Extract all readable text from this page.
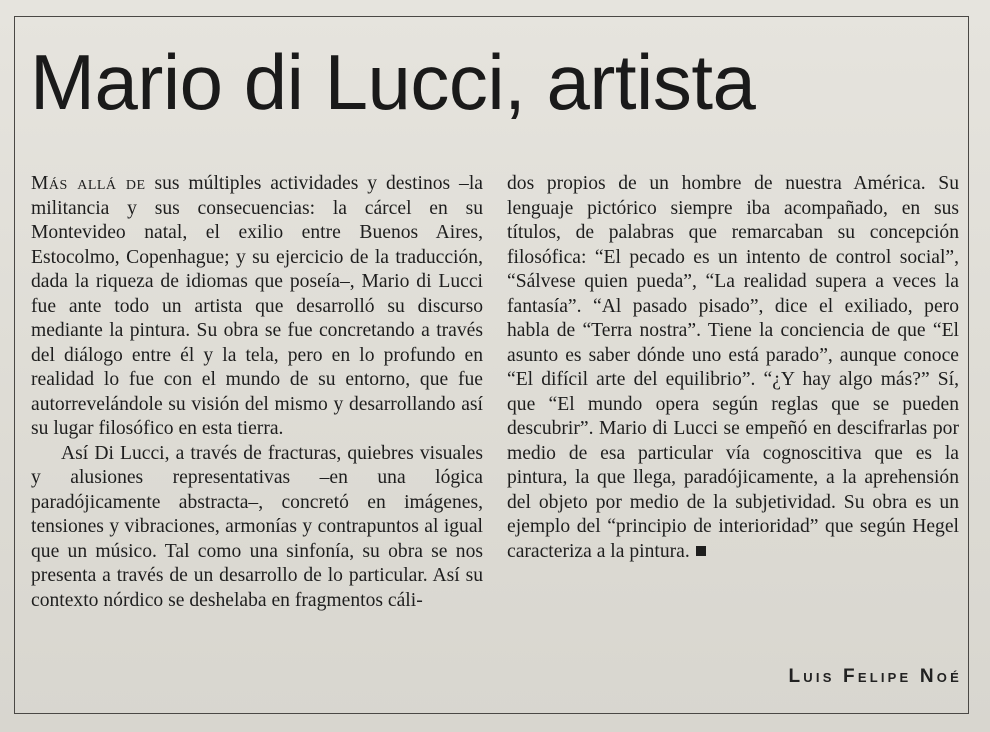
Mario di Lucci, artista

Más allá de sus múltiples actividades y destinos –la militancia y sus consecuencias: la cárcel en su Montevideo natal, el exilio entre Buenos Aires, Estocolmo, Copenhague; y su ejercicio de la traducción, dada la riqueza de idiomas que poseía–, Mario di Lucci fue ante todo un artista que desarrolló su discurso mediante la pintura. Su obra se fue concretando a través del diálogo entre él y la tela, pero en lo profundo en realidad lo fue con el mundo de su entorno, que fue autorrevelándole su visión del mismo y desarrollando así su lugar filosófico en esta tierra.

Así Di Lucci, a través de fracturas, quiebres visuales y alusiones representativas –en una lógica paradójicamente abstracta–, concretó en imágenes, tensiones y vibraciones, armonías y contrapuntos al igual que un músico. Tal como una sinfonía, su obra se nos presenta a través de un desarrollo de lo particular. Así su contexto nórdico se deshelaba en fragmentos cáli-

dos propios de un hombre de nuestra América. Su lenguaje pictórico siempre iba acompañado, en sus títulos, de palabras que remarcaban su concepción filosófica: “El pecado es un intento de control social”, “Sálvese quien pueda”, “La realidad supera a veces la fantasía”. “Al pasado pisado”, dice el exiliado, pero habla de “Terra nostra”. Tiene la conciencia de que “El asunto es saber dónde uno está parado”, aunque conoce “El difícil arte del equilibrio”. “¿Y hay algo más?” Sí, que “El mundo opera según reglas que se pueden descubrir”. Mario di Lucci se empeñó en descifrarlas por medio de esa particular vía cognoscitiva que es la pintura, la que llega, paradójicamente, a la aprehensión del objeto por medio de la subjetividad. Su obra es un ejemplo del “principio de interioridad” que según Hegel caracteriza a la pintura.

Luis Felipe Noé
